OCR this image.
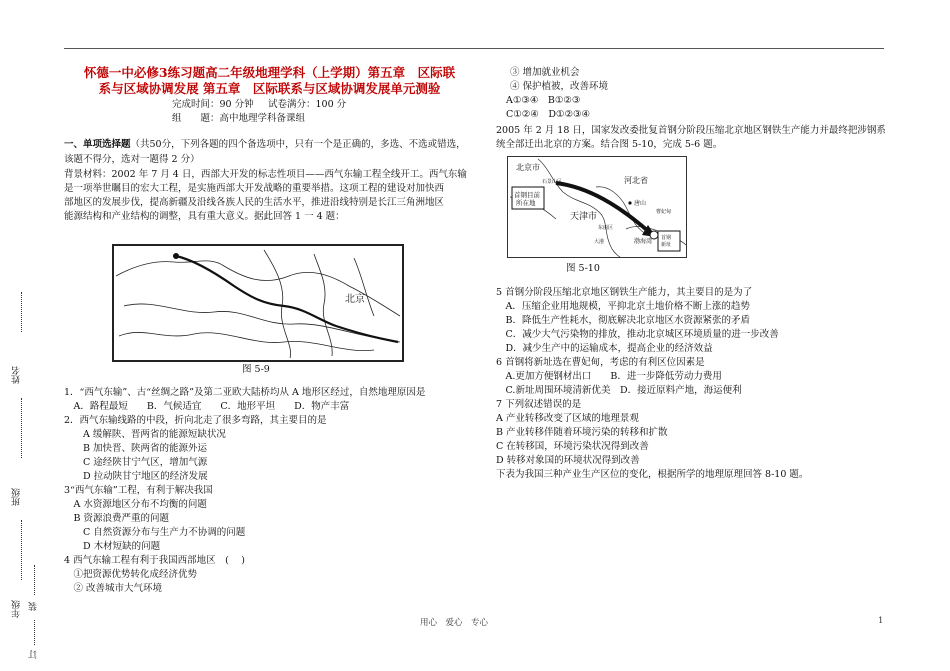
怀德一中必修3练习题高二年级地理学科（上学期）第五章　区际联
系与区域协调发展 第五章　区际联系与区域协调发展单元测验
完成时间：90 分钟 试卷满分：100 分
组　　题：高中地理学科备课组
一、单项选择题（共50分，下列各题的四个备选项中，只有一个是正确的，多选、不选或错选，
该题不得分，选对一题得 2 分）
背景材料：2002 年 7 月 4 日，西部大开发的标志性项目——西气东输工程全线开工。西气东输
是一项举世瞩目的宏大工程，是实施西部大开发战略的重要举措。这项工程的建设对加快西
部地区的发展步伐，提高新疆及沿线各族人民的生活水平，推进沿线特别是长江三角洲地区
能源结构和产业结构的调整，具有重大意义。据此回答 1 一 4 题：
北京
图 5-9
1．“西气东输”、古“丝绸之路”及第二亚欧大陆桥均从 A 地形区经过，自然地理原因是
　A．路程最短　　B．气候适宜　　C．地形平坦　　D．物产丰富
2．西气东输线路的中段，折向北走了很多弯路，其主要目的是
　　A 缓解陕、晋两省的能源短缺状况
　　B 加快晋、陕两省的能源外运
　　C 途经陕甘宁气区，增加气源
　　D 拉动陕甘宁地区的经济发展
3“西气东输”工程，有利于解决我国
　A 水资源地区分布不均衡的问题
　B 资源浪费严重的问题
　　C 自然资源分布与生产力不协调的问题
　　D 木材短缺的问题
4 西气东输工程有利于我国西部地区　(　 )
　①把资源优势转化成经济优势
　② 改善城市大气环境
③ 增加就业机会
④ 保护植被，改善环境
A①③④　B①②③
C①②④　D①②③④
2005 年 2 月 18 日，国家发改委批复首钢分阶段压缩北京地区钢铁生产能力并最终把涉钢系
统全部迁出北京的方案。结合图 5-10，完成 5-6 题。
首钢目前所在地
北京市
石景山区	河北省
天津市
唐山
曹妃甸
渤海湾
东丽区
大港
首钢新址
图 5-10
5 首钢分阶段压缩北京地区钢铁生产能力，其主要目的是为了
　A．压缩企业用地规模，平抑北京土地价格不断上涨的趋势
　B．降低生产性耗水，彻底解决北京地区水资源紧张的矛盾
　C．减少大气污染物的排放，推动北京城区环境质量的进一步改善
　D．减少生产中的运输成本，提高企业的经济效益
6 首钢将新址选在曹妃甸，考虑的有利区位因素是
　A.更加方便钢材出口　　B．进一步降低劳动力费用
　C.新址周围环境清新优美　D．接近原料产地，海运便利
7 下列叙述错误的是
A 产业转移改变了区域的地理景观
B 产业转移伴随着环境污染的转移和扩散
C 在转移国，环境污染状况得到改善
D 转移对象国的环境状况得到改善
下表为我国三种产业生产区位的变化，根据所学的地理原理回答 8-10 题。
姓名
班级
年级 装
订
用心　爱心　专心	1
